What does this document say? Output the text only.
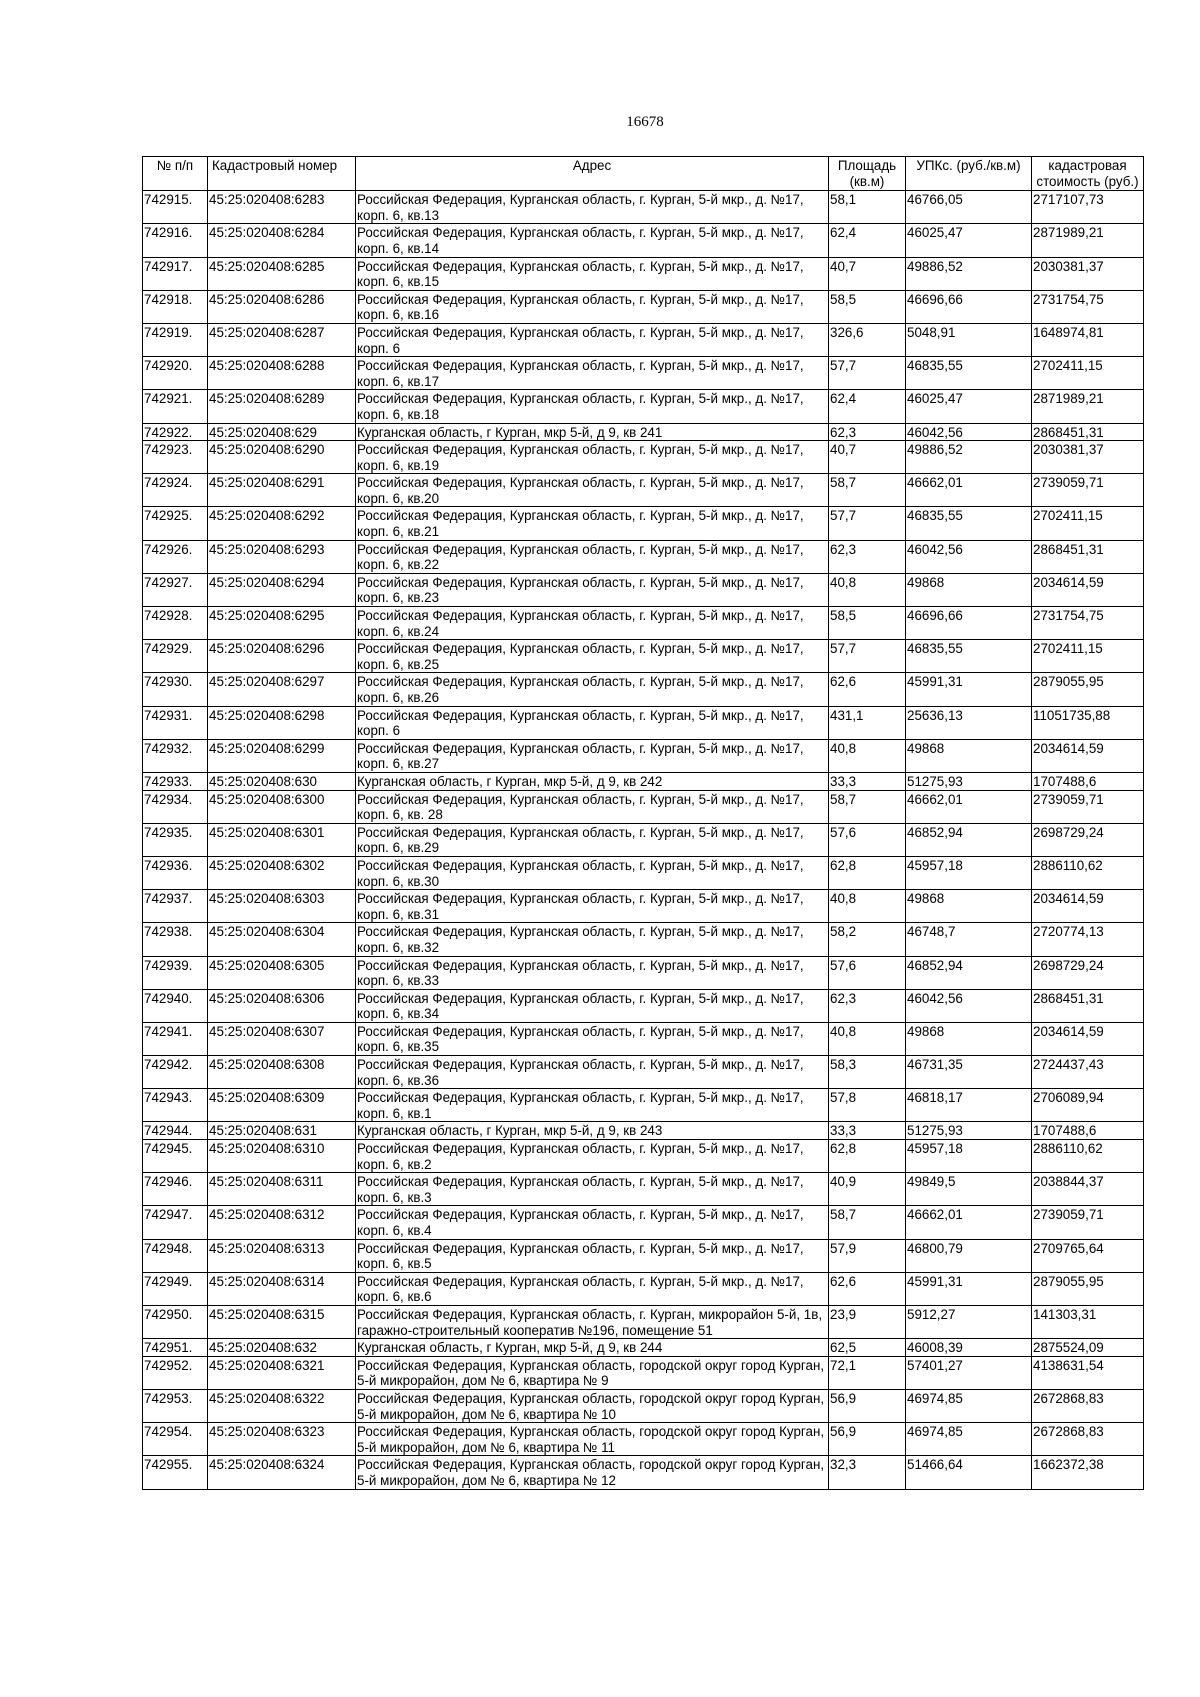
16678
№ п/п	Кадастровый номер	Адрес	Площадь (кв.м)	УПКс. (руб./кв.м)	кадастровая стоимость (руб.)
742915.	45:25:020408:6283	Российская Федерация, Курганская область, г. Курган, 5-й мкр., д. №17, корп. 6, кв.13	58,1	46766,05	2717107,73
742916.	45:25:020408:6284	Российская Федерация, Курганская область, г. Курган, 5-й мкр., д. №17, корп. 6, кв.14	62,4	46025,47	2871989,21
742917.	45:25:020408:6285	Российская Федерация, Курганская область, г. Курган, 5-й мкр., д. №17, корп. 6, кв.15	40,7	49886,52	2030381,37
742918.	45:25:020408:6286	Российская Федерация, Курганская область, г. Курган, 5-й мкр., д. №17, корп. 6, кв.16	58,5	46696,66	2731754,75
742919.	45:25:020408:6287	Российская Федерация, Курганская область, г. Курган, 5-й мкр., д. №17, корп. 6	326,6	5048,91	1648974,81
742920.	45:25:020408:6288	Российская Федерация, Курганская область, г. Курган, 5-й мкр., д. №17, корп. 6, кв.17	57,7	46835,55	2702411,15
742921.	45:25:020408:6289	Российская Федерация, Курганская область, г. Курган, 5-й мкр., д. №17, корп. 6, кв.18	62,4	46025,47	2871989,21
742922.	45:25:020408:629	Курганская область, г Курган, мкр 5-й, д 9, кв 241	62,3	46042,56	2868451,31
742923.	45:25:020408:6290	Российская Федерация, Курганская область, г. Курган, 5-й мкр., д. №17, корп. 6, кв.19	40,7	49886,52	2030381,37
742924.	45:25:020408:6291	Российская Федерация, Курганская область, г. Курган, 5-й мкр., д. №17, корп. 6, кв.20	58,7	46662,01	2739059,71
742925.	45:25:020408:6292	Российская Федерация, Курганская область, г. Курган, 5-й мкр., д. №17, корп. 6, кв.21	57,7	46835,55	2702411,15
742926.	45:25:020408:6293	Российская Федерация, Курганская область, г. Курган, 5-й мкр., д. №17, корп. 6, кв.22	62,3	46042,56	2868451,31
742927.	45:25:020408:6294	Российская Федерация, Курганская область, г. Курган, 5-й мкр., д. №17, корп. 6, кв.23	40,8	49868	2034614,59
742928.	45:25:020408:6295	Российская Федерация, Курганская область, г. Курган, 5-й мкр., д. №17, корп. 6, кв.24	58,5	46696,66	2731754,75
742929.	45:25:020408:6296	Российская Федерация, Курганская область, г. Курган, 5-й мкр., д. №17, корп. 6, кв.25	57,7	46835,55	2702411,15
742930.	45:25:020408:6297	Российская Федерация, Курганская область, г. Курган, 5-й мкр., д. №17, корп. 6, кв.26	62,6	45991,31	2879055,95
742931.	45:25:020408:6298	Российская Федерация, Курганская область, г. Курган, 5-й мкр., д. №17, корп. 6	431,1	25636,13	11051735,88
742932.	45:25:020408:6299	Российская Федерация, Курганская область, г. Курган, 5-й мкр., д. №17, корп. 6, кв.27	40,8	49868	2034614,59
742933.	45:25:020408:630	Курганская область, г Курган, мкр 5-й, д 9, кв 242	33,3	51275,93	1707488,6
742934.	45:25:020408:6300	Российская Федерация, Курганская область, г. Курган, 5-й мкр., д. №17, корп. 6, кв. 28	58,7	46662,01	2739059,71
742935.	45:25:020408:6301	Российская Федерация, Курганская область, г. Курган, 5-й мкр., д. №17, корп. 6, кв.29	57,6	46852,94	2698729,24
742936.	45:25:020408:6302	Российская Федерация, Курганская область, г. Курган, 5-й мкр., д. №17, корп. 6, кв.30	62,8	45957,18	2886110,62
742937.	45:25:020408:6303	Российская Федерация, Курганская область, г. Курган, 5-й мкр., д. №17, корп. 6, кв.31	40,8	49868	2034614,59
742938.	45:25:020408:6304	Российская Федерация, Курганская область, г. Курган, 5-й мкр., д. №17, корп. 6, кв.32	58,2	46748,7	2720774,13
742939.	45:25:020408:6305	Российская Федерация, Курганская область, г. Курган, 5-й мкр., д. №17, корп. 6, кв.33	57,6	46852,94	2698729,24
742940.	45:25:020408:6306	Российская Федерация, Курганская область, г. Курган, 5-й мкр., д. №17, корп. 6, кв.34	62,3	46042,56	2868451,31
742941.	45:25:020408:6307	Российская Федерация, Курганская область, г. Курган, 5-й мкр., д. №17, корп. 6, кв.35	40,8	49868	2034614,59
742942.	45:25:020408:6308	Российская Федерация, Курганская область, г. Курган, 5-й мкр., д. №17, корп. 6, кв.36	58,3	46731,35	2724437,43
742943.	45:25:020408:6309	Российская Федерация, Курганская область, г. Курган, 5-й мкр., д. №17, корп. 6, кв.1	57,8	46818,17	2706089,94
742944.	45:25:020408:631	Курганская область, г Курган, мкр 5-й, д 9, кв 243	33,3	51275,93	1707488,6
742945.	45:25:020408:6310	Российская Федерация, Курганская область, г. Курган, 5-й мкр., д. №17, корп. 6, кв.2	62,8	45957,18	2886110,62
742946.	45:25:020408:6311	Российская Федерация, Курганская область, г. Курган, 5-й мкр., д. №17, корп. 6, кв.3	40,9	49849,5	2038844,37
742947.	45:25:020408:6312	Российская Федерация, Курганская область, г. Курган, 5-й мкр., д. №17, корп. 6, кв.4	58,7	46662,01	2739059,71
742948.	45:25:020408:6313	Российская Федерация, Курганская область, г. Курган, 5-й мкр., д. №17, корп. 6, кв.5	57,9	46800,79	2709765,64
742949.	45:25:020408:6314	Российская Федерация, Курганская область, г. Курган, 5-й мкр., д. №17, корп. 6, кв.6	62,6	45991,31	2879055,95
742950.	45:25:020408:6315	Российская Федерация, Курганская область, г. Курган, микрорайон 5-й, 1в, гаражно-строительный кооператив №196, помещение 51	23,9	5912,27	141303,31
742951.	45:25:020408:632	Курганская область, г Курган, мкр 5-й, д 9, кв 244	62,5	46008,39	2875524,09
742952.	45:25:020408:6321	Российская Федерация, Курганская область, городской округ город Курган, 5-й микрорайон, дом № 6, квартира № 9	72,1	57401,27	4138631,54
742953.	45:25:020408:6322	Российская Федерация, Курганская область, городской округ город Курган, 5-й микрорайон, дом № 6, квартира № 10	56,9	46974,85	2672868,83
742954.	45:25:020408:6323	Российская Федерация, Курганская область, городской округ город Курган, 5-й микрорайон, дом № 6, квартира № 11	56,9	46974,85	2672868,83
742955.	45:25:020408:6324	Российская Федерация, Курганская область, городской округ город Курган, 5-й микрорайон, дом № 6, квартира № 12	32,3	51466,64	1662372,38
